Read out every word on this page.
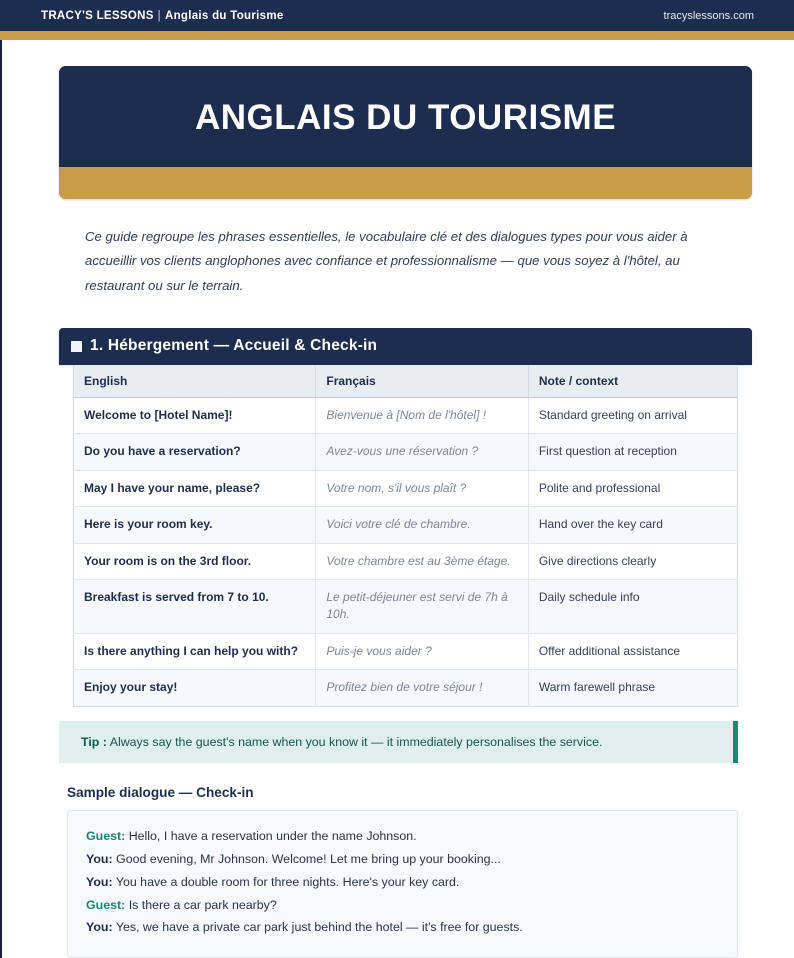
TRACY'S LESSONS | Anglais du Tourisme	tracyslessons.com
ANGLAIS DU TOURISME

Ce guide regroupe les phrases essentielles, le vocabulaire clé et des dialogues types pour vous aider à accueillir vos clients anglophones avec confiance et professionnalisme — que vous soyez à l'hôtel, au restaurant ou sur le terrain.

1. Hébergement — Accueil & Check-in
English	Français	Note / context
Welcome to [Hotel Name]!	Bienvenue à [Nom de l'hôtel] !	Standard greeting on arrival
Do you have a reservation?	Avez-vous une réservation ?	First question at reception
May I have your name, please?	Votre nom, s'il vous plaît ?	Polite and professional
Here is your room key.	Voici votre clé de chambre.	Hand over the key card
Your room is on the 3rd floor.	Votre chambre est au 3ème étage.	Give directions clearly
Breakfast is served from 7 to 10.	Le petit-déjeuner est servi de 7h à 10h.	Daily schedule info
Is there anything I can help you with?	Puis-je vous aider ?	Offer additional assistance
Enjoy your stay!	Profitez bien de votre séjour !	Warm farewell phrase
Tip : Always say the guest's name when you know it — it immediately personalises the service.
Sample dialogue — Check-in
Guest: Hello, I have a reservation under the name Johnson.
You: Good evening, Mr Johnson. Welcome! Let me bring up your booking...
You: You have a double room for three nights. Here's your key card.
Guest: Is there a car park nearby?
You: Yes, we have a private car park just behind the hotel — it's free for guests.
